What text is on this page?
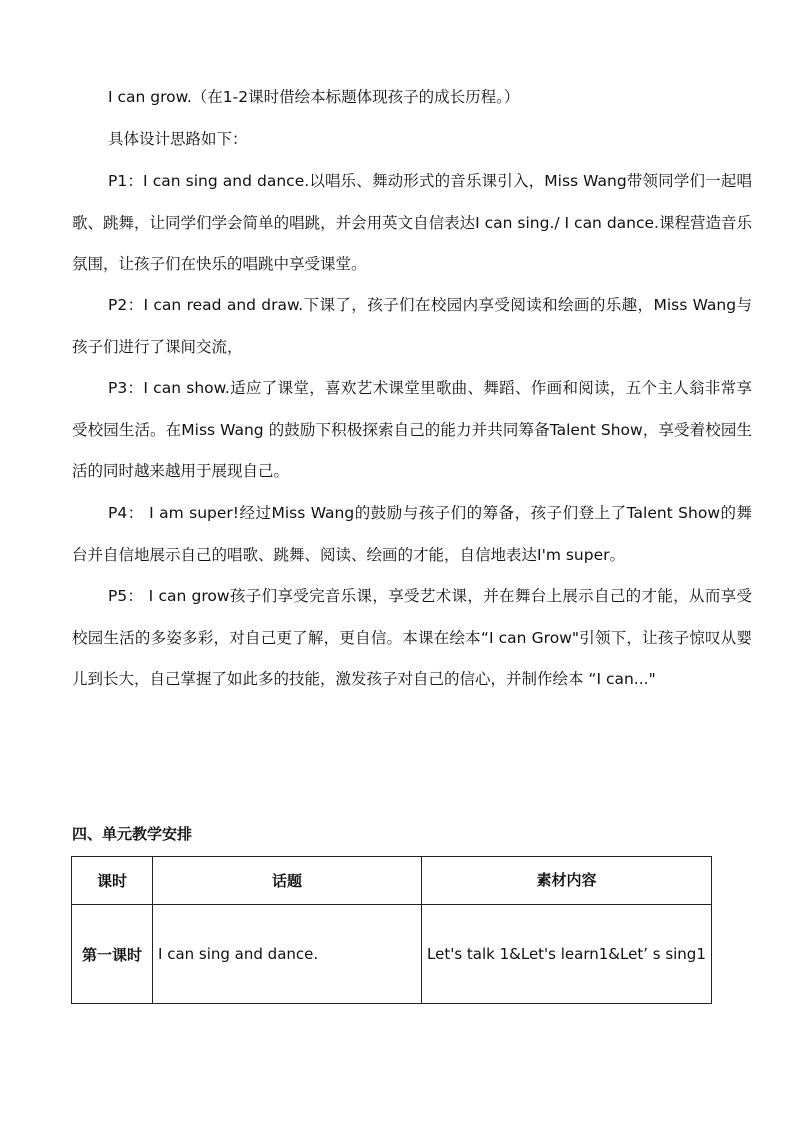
I can grow.（在1-2课时借绘本标题体现孩子的成长历程。）

具体设计思路如下：

P1：I can sing and dance.以唱乐、舞动形式的音乐课引入，Miss Wang带领同学们一起唱歌、跳舞，让同学们学会简单的唱跳，并会用英文自信表达I can sing./ I can dance.课程营造音乐氛围，让孩子们在快乐的唱跳中享受课堂。

P2：I can read and draw.下课了，孩子们在校园内享受阅读和绘画的乐趣，Miss Wang与孩子们进行了课间交流，

P3：I can show.适应了课堂，喜欢艺术课堂里歌曲、舞蹈、作画和阅读，五个主人翁非常享受校园生活。在Miss Wang 的鼓励下积极探索自己的能力并共同筹备Talent Show，享受着校园生活的同时越来越用于展现自己。

P4： I am super!经过Miss Wang的鼓励与孩子们的筹备，孩子们登上了Talent Show的舞台并自信地展示自己的唱歌、跳舞、阅读、绘画的才能，自信地表达I'm super。

P5： I can grow孩子们享受完音乐课，享受艺术课，并在舞台上展示自己的才能，从而享受校园生活的多姿多彩，对自己更了解，更自信。本课在绘本“I can Grow"引领下，让孩子惊叹从婴儿到长大，自己掌握了如此多的技能，激发孩子对自己的信心，并制作绘本 “I can..."

四、单元教学安排

课时	话题	素材内容
第一课时	I can sing and dance.	Let's talk 1&Let's learn1&Let’ s sing1
